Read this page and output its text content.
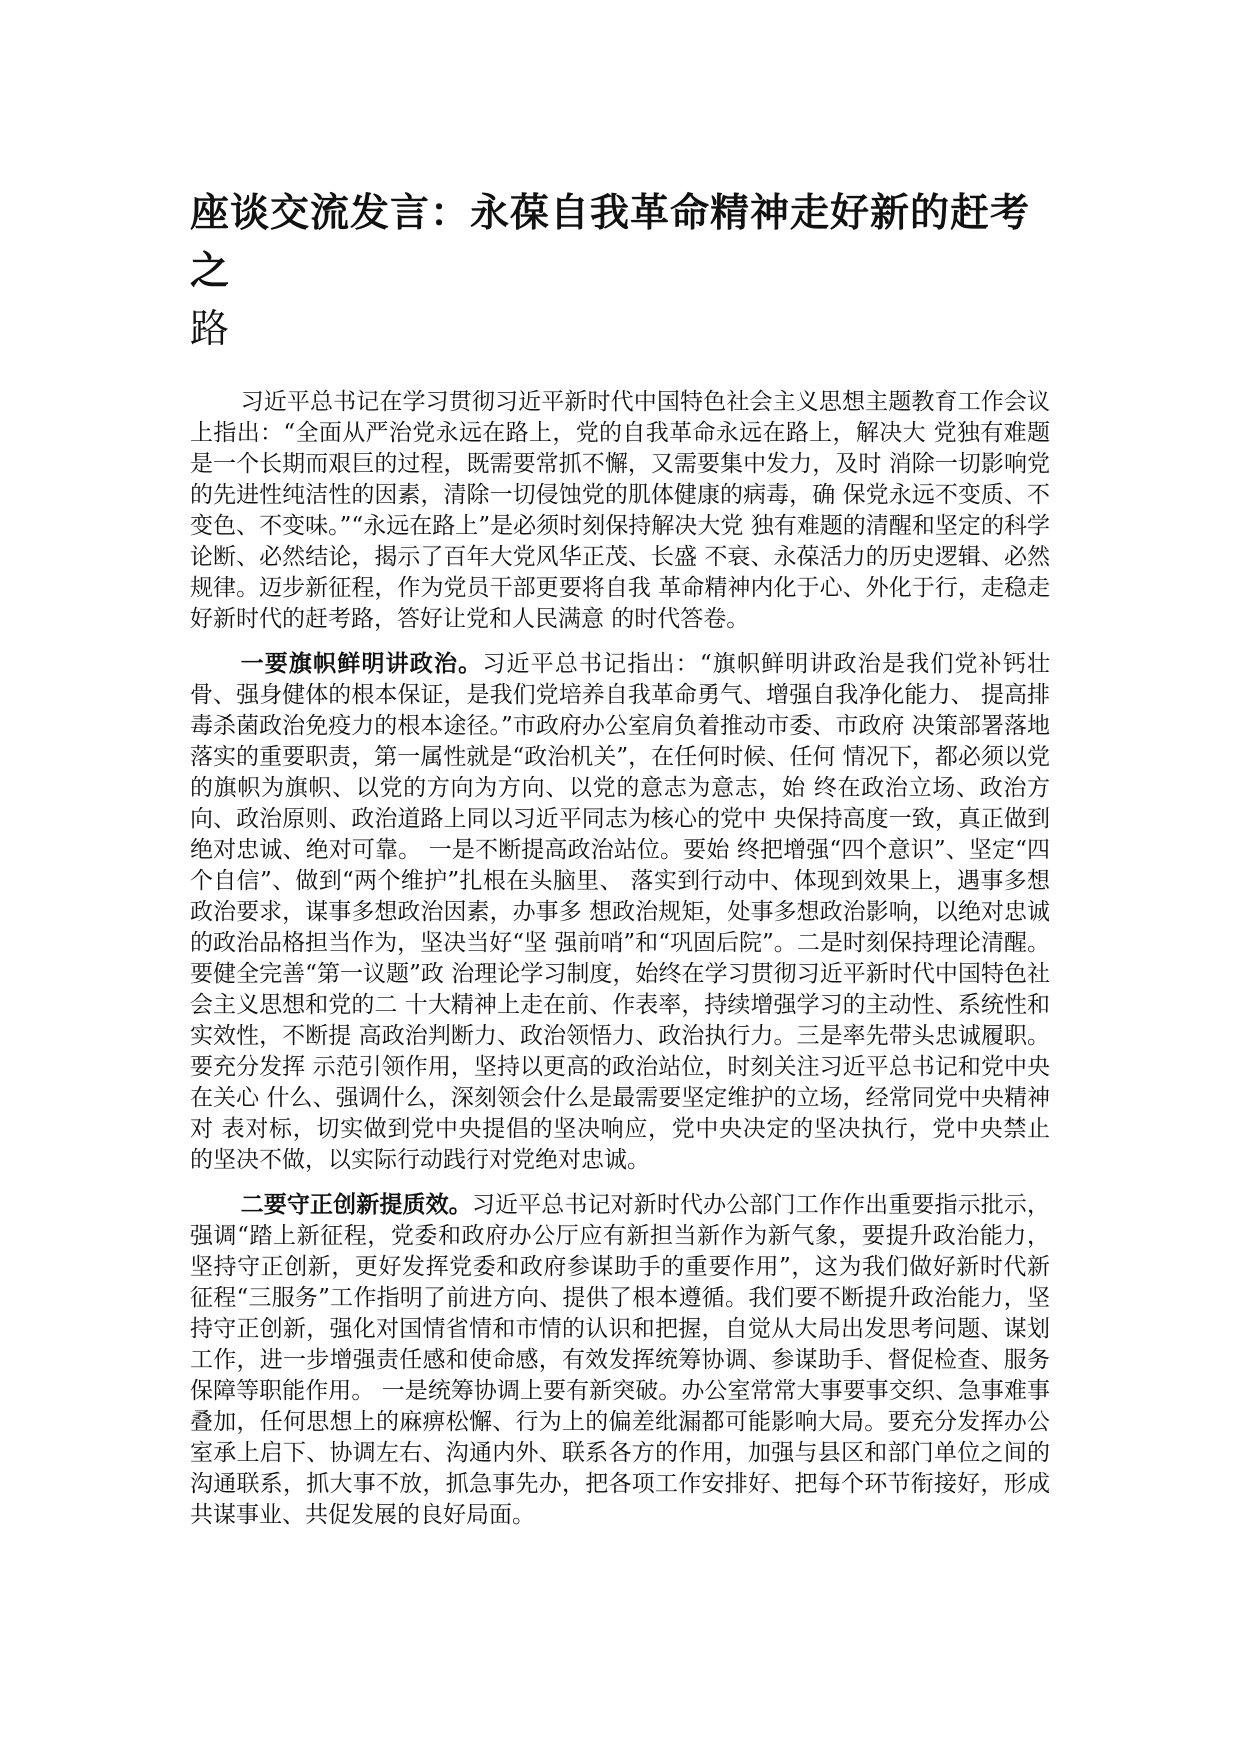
座谈交流发言：永葆自我革命精神走好新的赶考之
路

习近平总书记在学习贯彻习近平新时代中国特色社会主义思想主题教育工作会议上指出：“全面从严治党永远在路上，党的自我革命永远在路上，解决大 党独有难题是一个长期而艰巨的过程，既需要常抓不懈，又需要集中发力，及时 消除一切影响党的先进性纯洁性的因素，清除一切侵蚀党的肌体健康的病毒，确 保党永远不变质、不变色、不变味。”“永远在路上”是必须时刻保持解决大党 独有难题的清醒和坚定的科学论断、必然结论，揭示了百年大党风华正茂、长盛 不衰、永葆活力的历史逻辑、必然规律。迈步新征程，作为党员干部更要将自我 革命精神内化于心、外化于行，走稳走好新时代的赶考路，答好让党和人民满意 的时代答卷。

一要旗帜鲜明讲政治。习近平总书记指出：“旗帜鲜明讲政治是我们党补钙壮骨、强身健体的根本保证，是我们党培养自我革命勇气、增强自我净化能力、 提高排毒杀菌政治免疫力的根本途径。”市政府办公室肩负着推动市委、市政府 决策部署落地落实的重要职责，第一属性就是“政治机关”，在任何时候、任何 情况下，都必须以党的旗帜为旗帜、以党的方向为方向、以党的意志为意志，始 终在政治立场、政治方向、政治原则、政治道路上同以习近平同志为核心的党中 央保持高度一致，真正做到绝对忠诚、绝对可靠。 一是不断提高政治站位。要始 终把增强“四个意识”、坚定“四个自信”、做到“两个维护”扎根在头脑里、 落实到行动中、体现到效果上，遇事多想政治要求，谋事多想政治因素，办事多 想政治规矩，处事多想政治影响，以绝对忠诚的政治品格担当作为，坚决当好“坚 强前哨”和“巩固后院”。二是时刻保持理论清醒。要健全完善“第一议题”政 治理论学习制度，始终在学习贯彻习近平新时代中国特色社会主义思想和党的二 十大精神上走在前、作表率，持续增强学习的主动性、系统性和实效性，不断提 高政治判断力、政治领悟力、政治执行力。三是率先带头忠诚履职。要充分发挥 示范引领作用，坚持以更高的政治站位，时刻关注习近平总书记和党中央在关心 什么、强调什么，深刻领会什么是最需要坚定维护的立场，经常同党中央精神对 表对标，切实做到党中央提倡的坚决响应，党中央决定的坚决执行，党中央禁止 的坚决不做，以实际行动践行对党绝对忠诚。

二要守正创新提质效。习近平总书记对新时代办公部门工作作出重要指示批示，强调“踏上新征程，党委和政府办公厅应有新担当新作为新气象，要提升政治能力，坚持守正创新，更好发挥党委和政府参谋助手的重要作用”，这为我们做好新时代新征程“三服务”工作指明了前进方向、提供了根本遵循。我们要不断提升政治能力，坚持守正创新，强化对国情省情和市情的认识和把握，自觉从大局出发思考问题、谋划工作，进一步增强责任感和使命感，有效发挥统筹协调、参谋助手、督促检查、服务保障等职能作用。 一是统筹协调上要有新突破。办公室常常大事要事交织、急事难事叠加，任何思想上的麻痹松懈、行为上的偏差纰漏都可能影响大局。要充分发挥办公室承上启下、协调左右、沟通内外、联系各方的作用，加强与县区和部门单位之间的沟通联系，抓大事不放，抓急事先办，把各项工作安排好、把每个环节衔接好，形成共谋事业、共促发展的良好局面。
